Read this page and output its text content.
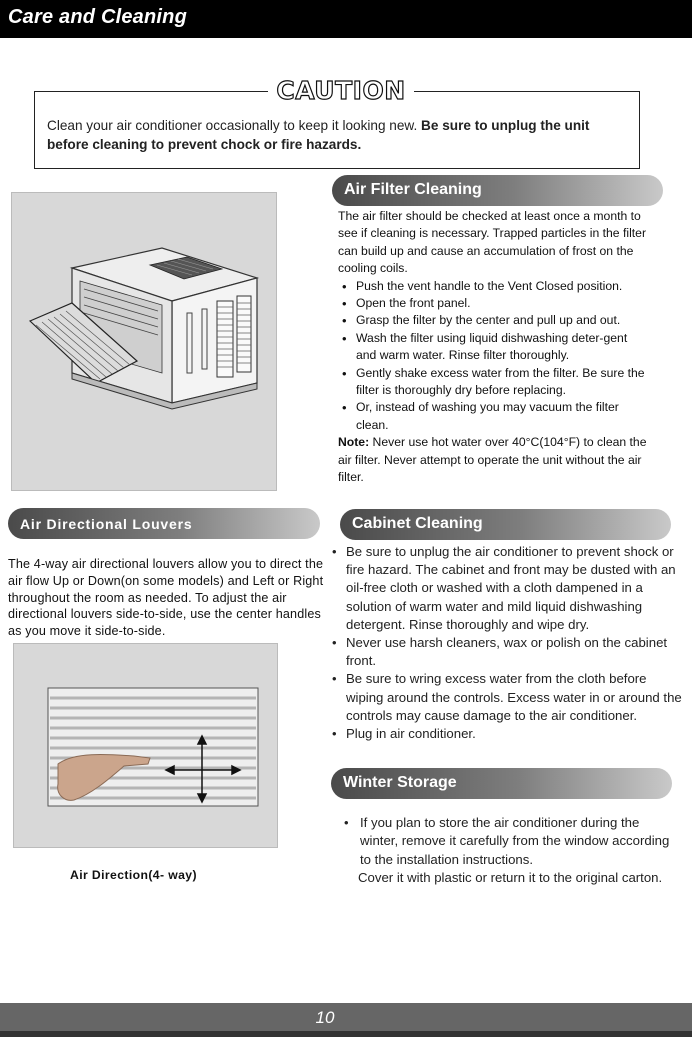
Care and Cleaning

Clean your air conditioner occasionally to keep it looking new. Be sure to unplug the unit before cleaning to prevent chock or fire hazards.

CAUTION
Air Filter Cleaning

The air filter should be checked at least once a month to see if cleaning is necessary. Trapped particles in the filter can build up and cause an accumulation of frost on the cooling coils.

• Push the vent handle to the Vent Closed position.
• Open the front panel.
• Grasp the filter by the center and pull up and out.
• Wash the filter using liquid dishwashing deter-gent and warm water. Rinse filter thoroughly.
• Gently shake excess water from the filter. Be sure the filter is thoroughly dry before replacing.
• Or, instead of washing you may vacuum the filter clean.

Note: Never use hot water over 40°C(104°F) to clean the air filter. Never attempt to operate the unit without the air filter.

Air Directional Louvers

The 4-way air directional louvers allow you to direct the air flow Up or Down(on some models) and Left or Right throughout the room as needed. To adjust the air directional louvers side-to-side, use the center handles as you move it side-to-side.

Air Direction(4- way)
Cabinet Cleaning
• Be sure to unplug the air conditioner to prevent shock or fire hazard. The cabinet and front may be dusted with an oil-free cloth or washed with a cloth dampened in a solution of warm water and mild liquid dishwashing detergent. Rinse thoroughly and wipe dry.
• Never use harsh cleaners, wax or polish on the cabinet front.
• Be sure to wring excess water from the cloth before wiping around the controls. Excess water in or around the controls may cause damage to the air conditioner.
• Plug in air conditioner.
Winter Storage
• If you plan to store the air conditioner during the winter, remove it carefully from the window according to the installation instructions.

Cover it with plastic or return it to the original carton.

10
